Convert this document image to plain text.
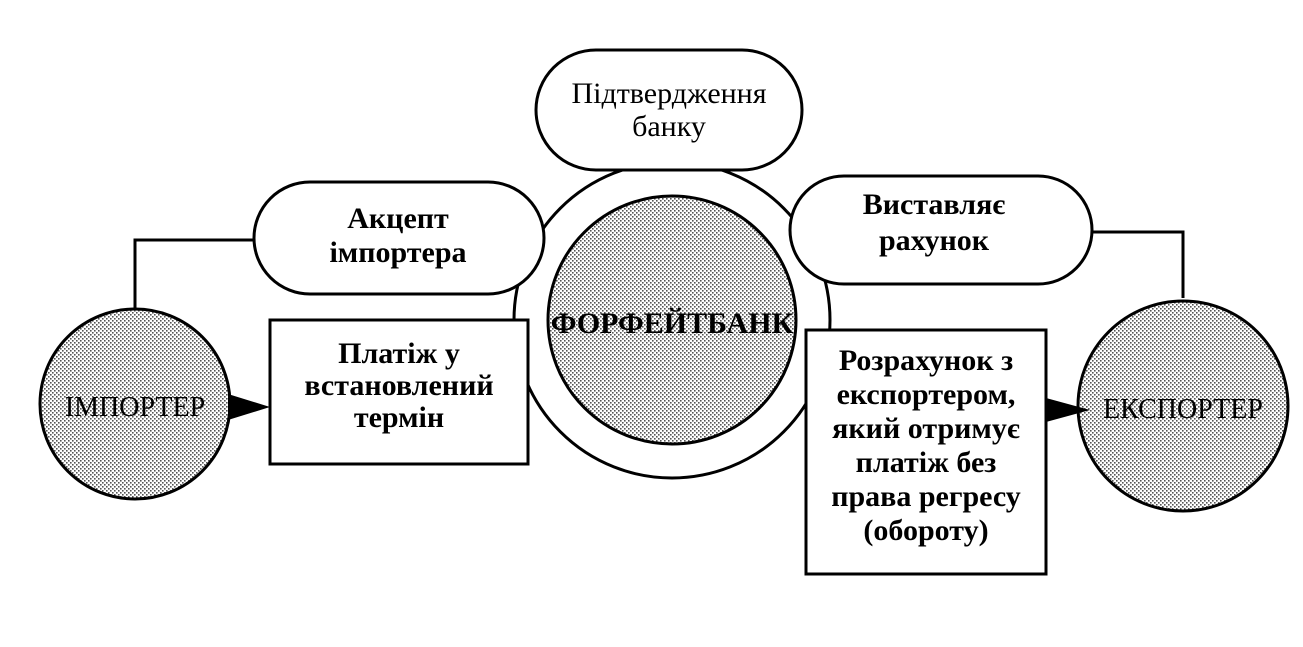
Підтвердження
банку
Акцепт
імпортера
Виставляє
рахунок
ФОРФЕЙТБАНК
ІМПОРТЕР	ЕКСПОРТЕР
Платіж у
встановлений
термін
Розрахунок з
експортером,
який отримує
платіж без
права регресу
(обороту)
